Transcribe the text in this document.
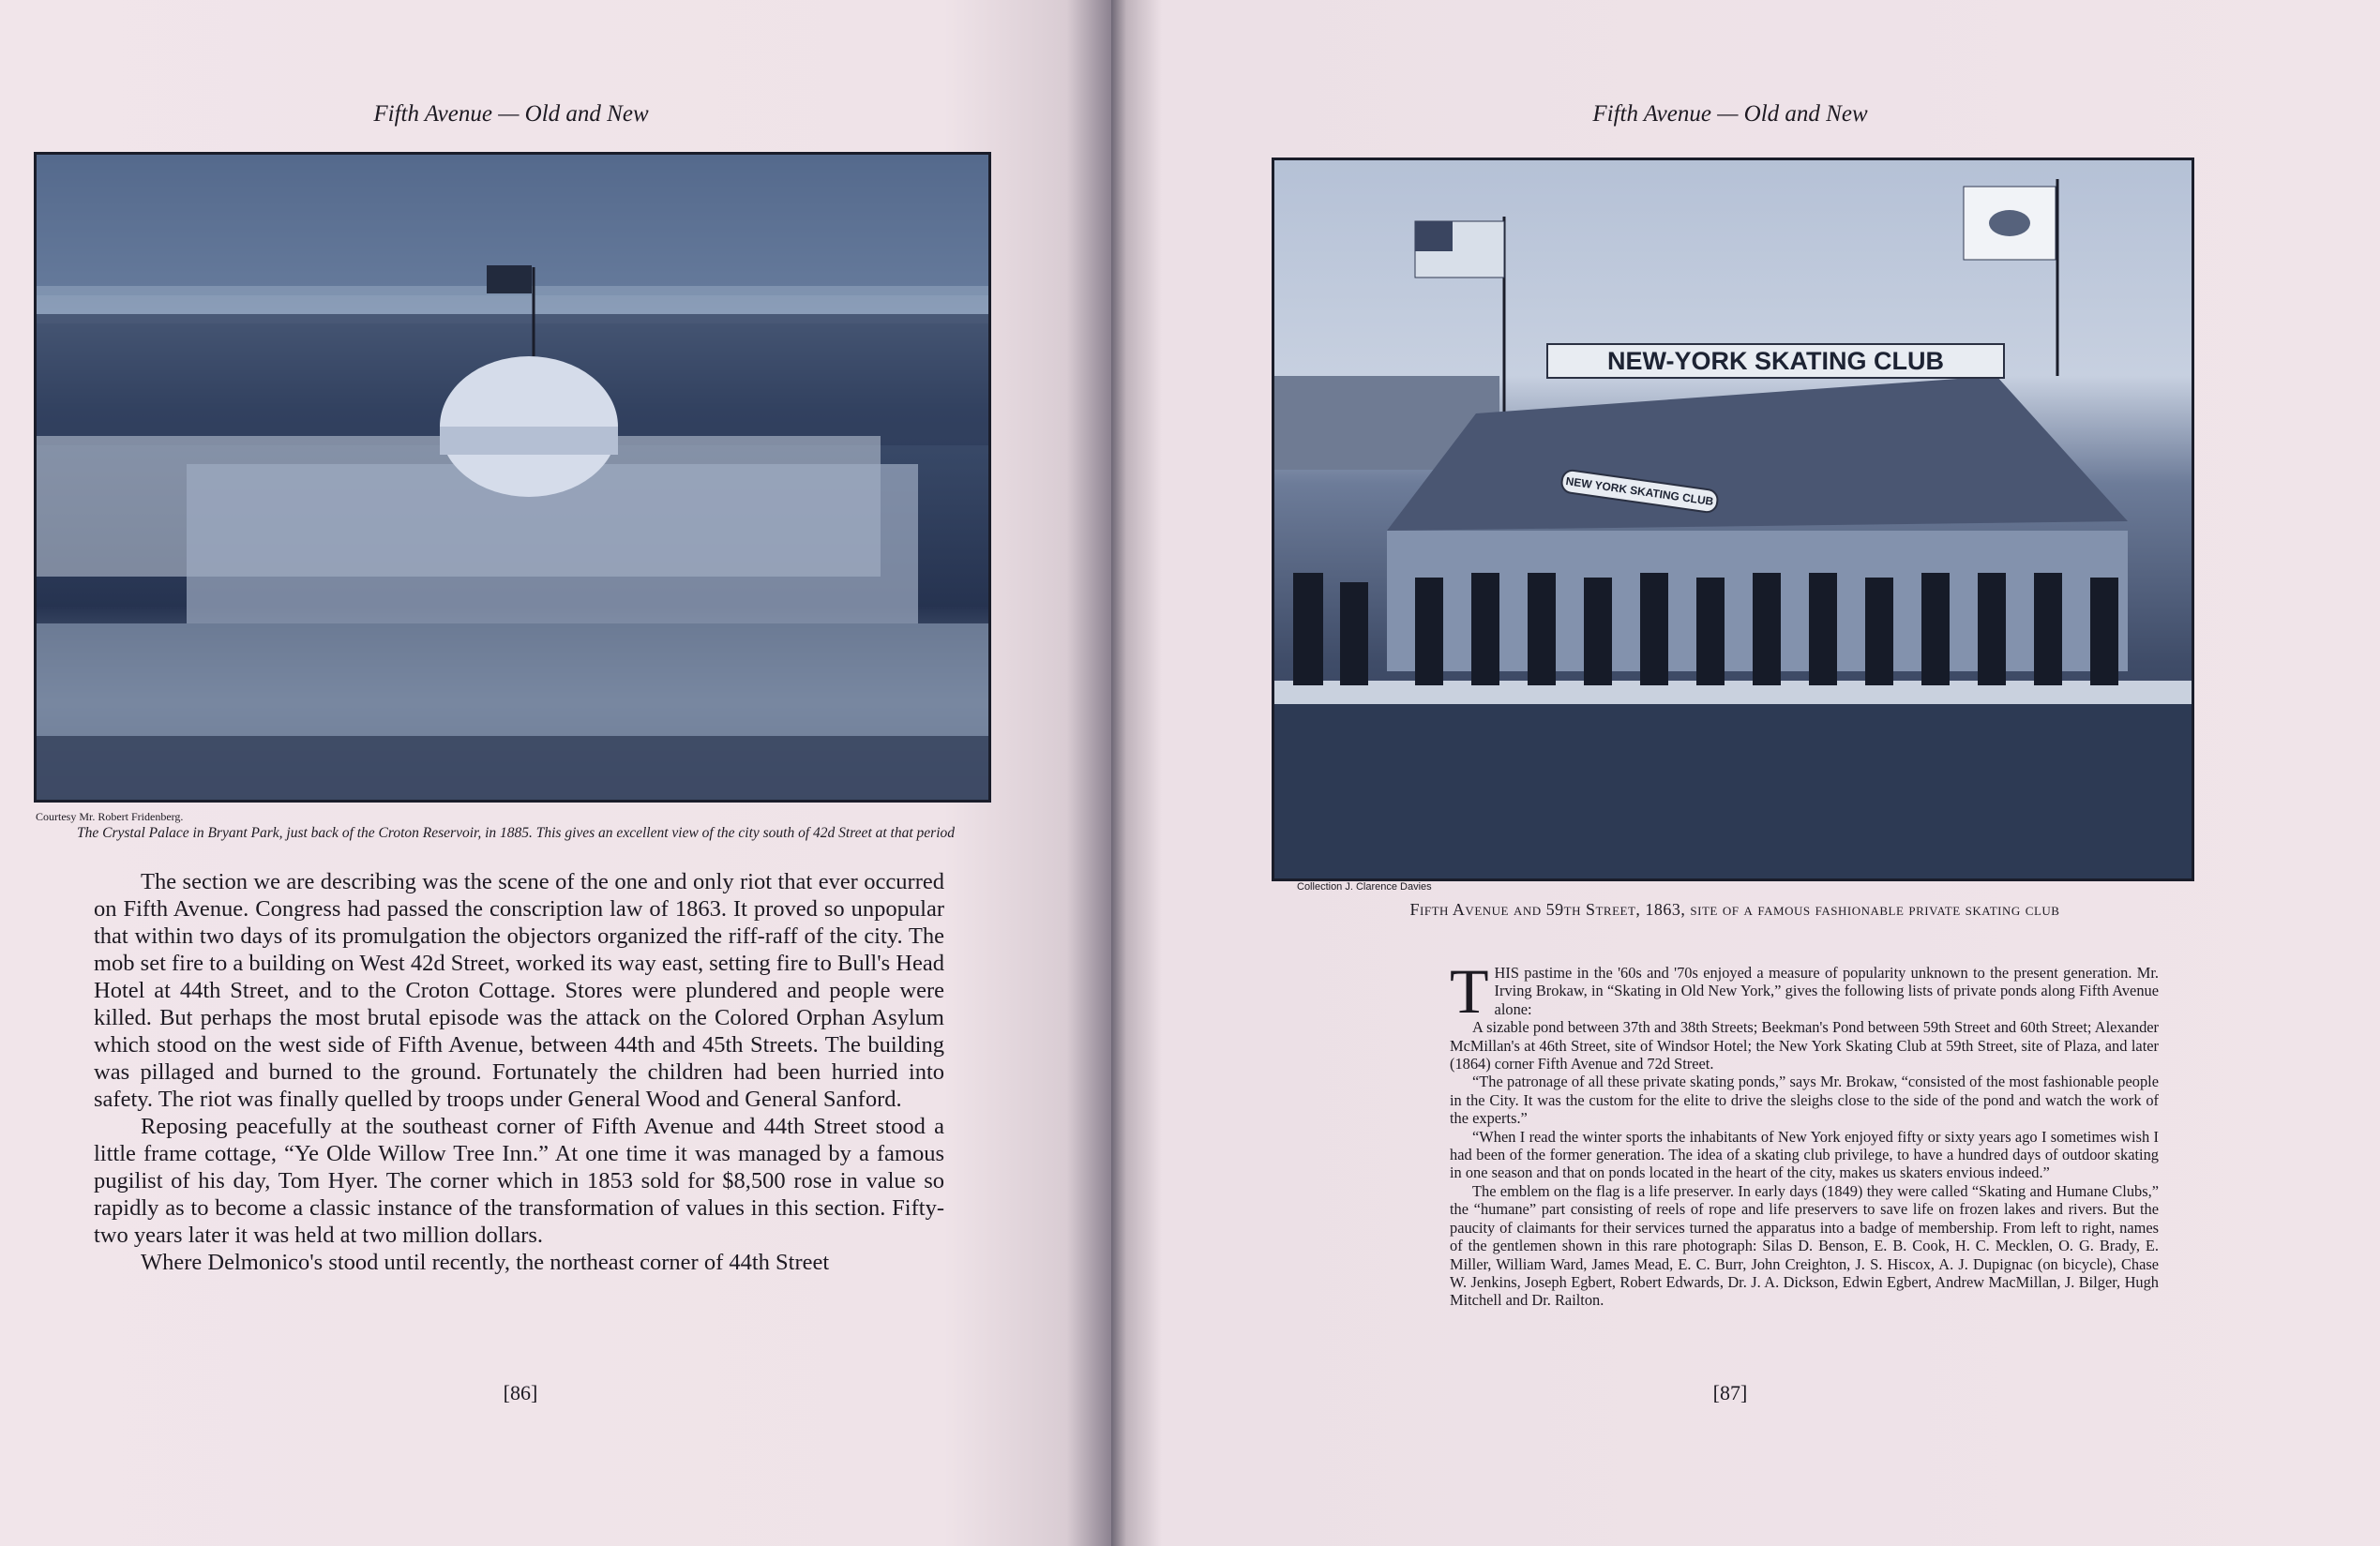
Fifth Avenue — Old and New
Courtesy Mr. Robert Fridenberg.
The Crystal Palace in Bryant Park, just back of the Croton Reservoir, in 1885. This gives an excellent view of the city south of 42d Street at that period

The section we are describing was the scene of the one and only riot that ever occurred on Fifth Avenue. Congress had passed the conscription law of 1863. It proved so unpopular that within two days of its promulgation the objectors organized the riff-raff of the city. The mob set fire to a building on West 42d Street, worked its way east, setting fire to Bull's Head Hotel at 44th Street, and to the Croton Cottage. Stores were plundered and people were killed. But perhaps the most brutal episode was the attack on the Colored Orphan Asylum which stood on the west side of Fifth Avenue, between 44th and 45th Streets. The building was pillaged and burned to the ground. Fortunately the children had been hurried into safety. The riot was finally quelled by troops under General Wood and General Sanford.

Reposing peacefully at the southeast corner of Fifth Avenue and 44th Street stood a little frame cottage, “Ye Olde Willow Tree Inn.” At one time it was managed by a famous pugilist of his day, Tom Hyer. The corner which in 1853 sold for $8,500 rose in value so rapidly as to become a classic instance of the transformation of values in this section. Fifty-two years later it was held at two million dollars.

Where Delmonico's stood until recently, the northeast corner of 44th Street

[86]
Fifth Avenue — Old and New
NEW-YORK SKATING CLUB
NEW YORK SKATING CLUB
Collection J. Clarence Davies
Fifth Avenue and 59th Street, 1863, site of a famous fashionable private skating club

THIS pastime in the '60s and '70s enjoyed a measure of popularity unknown to the present generation. Mr. Irving Brokaw, in “Skating in Old New York,” gives the following lists of private ponds along Fifth Avenue alone:

A sizable pond between 37th and 38th Streets; Beekman's Pond between 59th Street and 60th Street; Alexander McMillan's at 46th Street, site of Windsor Hotel; the New York Skating Club at 59th Street, site of Plaza, and later (1864) corner Fifth Avenue and 72d Street.

“The patronage of all these private skating ponds,” says Mr. Brokaw, “consisted of the most fashionable people in the City. It was the custom for the elite to drive the sleighs close to the side of the pond and watch the work of the experts.”

“When I read the winter sports the inhabitants of New York enjoyed fifty or sixty years ago I sometimes wish I had been of the former generation. The idea of a skating club privilege, to have a hundred days of outdoor skating in one season and that on ponds located in the heart of the city, makes us skaters envious indeed.”

The emblem on the flag is a life preserver. In early days (1849) they were called “Skating and Humane Clubs,” the “humane” part consisting of reels of rope and life preservers to save life on frozen lakes and rivers. But the paucity of claimants for their services turned the apparatus into a badge of membership. From left to right, names of the gentlemen shown in this rare photograph: Silas D. Benson, E. B. Cook, H. C. Mecklen, O. G. Brady, E. Miller, William Ward, James Mead, E. C. Burr, John Creighton, J. S. Hiscox, A. J. Dupignac (on bicycle), Chase W. Jenkins, Joseph Egbert, Robert Edwards, Dr. J. A. Dickson, Edwin Egbert, Andrew MacMillan, J. Bilger, Hugh Mitchell and Dr. Railton.

[87]
